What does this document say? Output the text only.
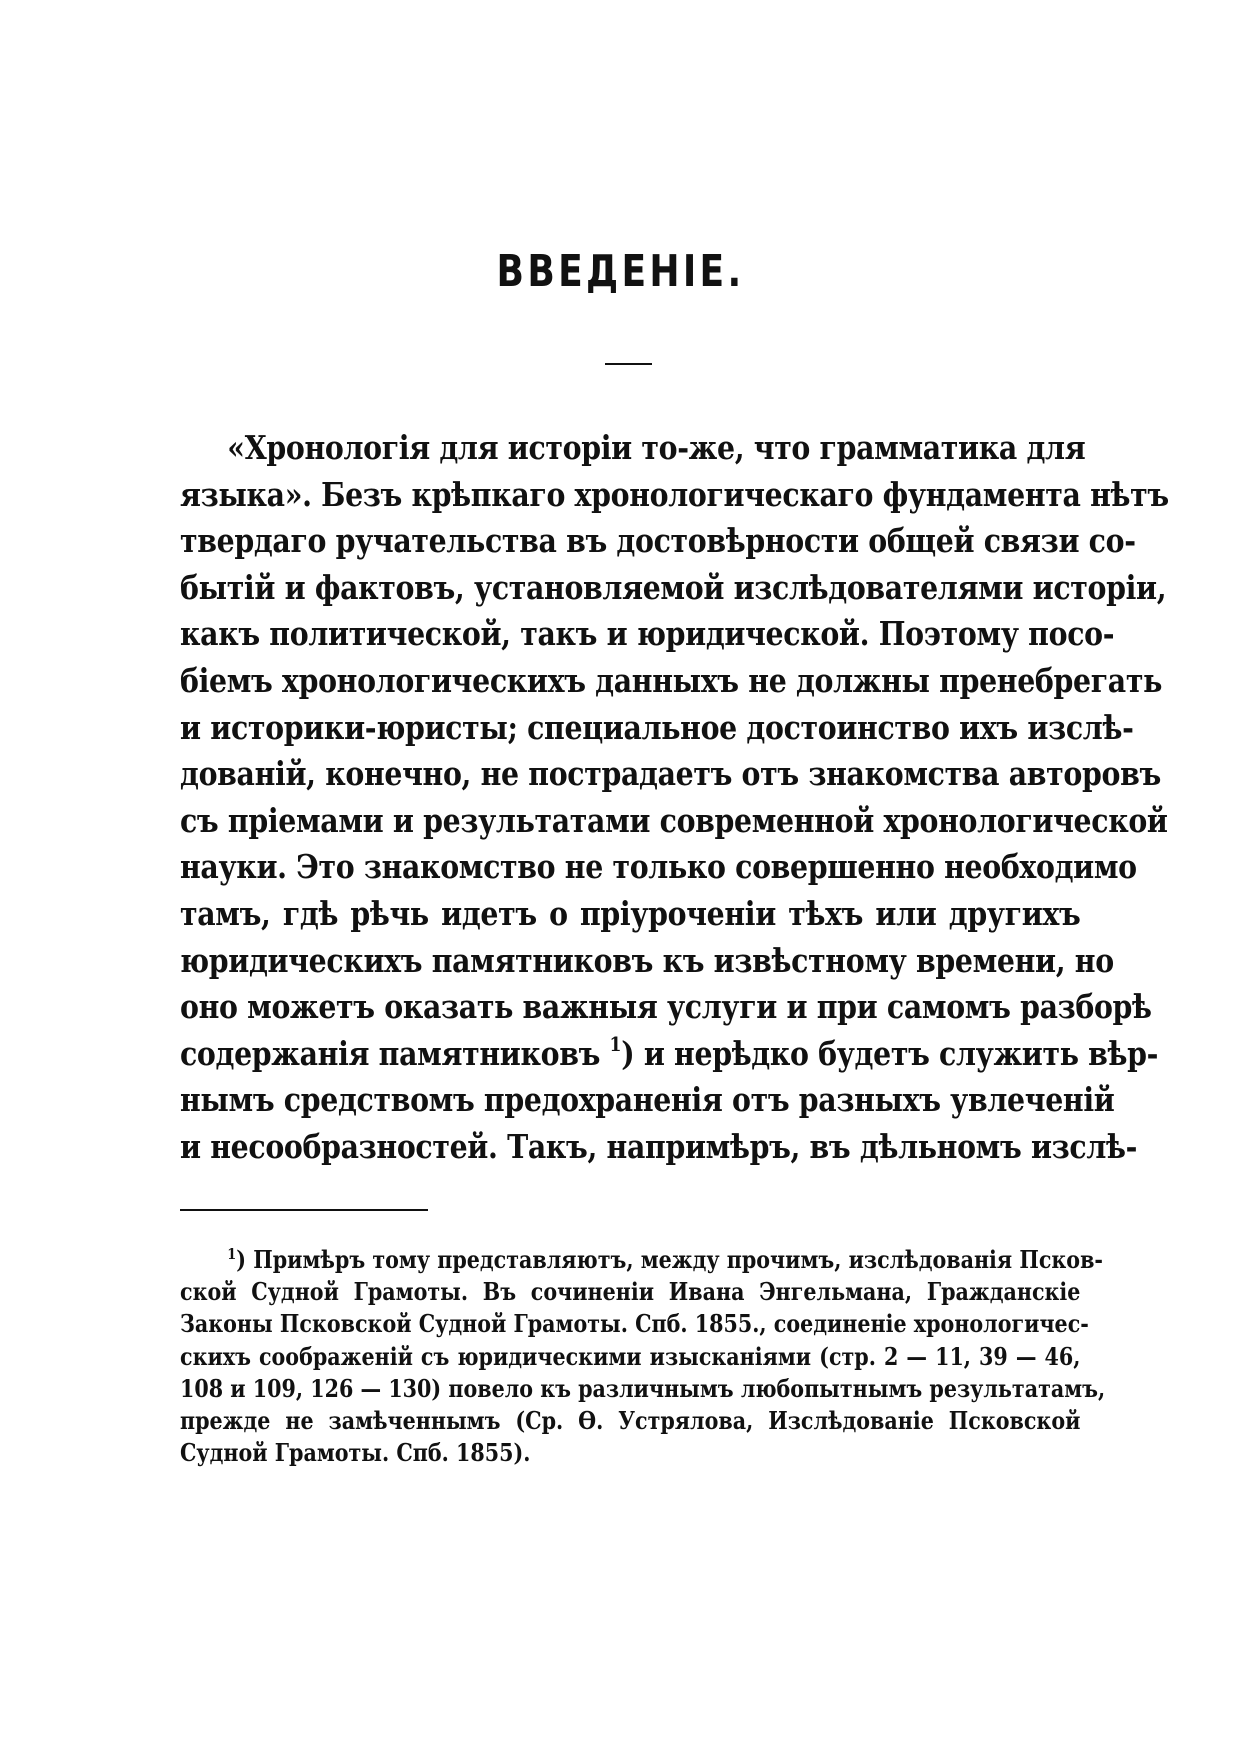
ВВЕДЕНІЕ.
«Хронологія для исторіи то-же, что грамматика для
языка». Безъ крѣпкаго хронологическаго фундамента нѣтъ
твердаго ручательства въ достовѣрности общей связи со-
бытій и фактовъ, установляемой изслѣдователями исторіи,
какъ политической, такъ и юридической. Поэтому посо-
біемъ хронологическихъ данныхъ не должны пренебрегать
и историки-юристы; специальное достоинство ихъ изслѣ-
дованій, конечно, не пострадаетъ отъ знакомства авторовъ
съ пріемами и результатами современной хронологической
науки. Это знакомство не только совершенно необходимо
тамъ, гдѣ рѣчь идетъ о пріуроченіи тѣхъ или другихъ
юридическихъ памятниковъ къ извѣстному времени, но
оно можетъ оказать важныя услуги и при самомъ разборѣ
содержанія памятниковъ $^1$) и нерѣдко будетъ служить вѣр-
нымъ средствомъ предохраненія отъ разныхъ увлеченій
и несообразностей. Такъ, напримѣръ, въ дѣльномъ изслѣ-
$^1$) Примѣръ тому представляютъ, между прочимъ, изслѣдованія Псков-
ской Судной Грамоты. Въ сочиненіи Ивана Энгельмана, Гражданскіе
Законы Псковской Судной Грамоты. Спб. 1855., соединеніе хронологичес-
скихъ соображеній съ юридическими изысканіями (стр. 2 — 11, 39 — 46,
108 и 109, 126 — 130) повело къ различнымъ любопытнымъ результатамъ,
прежде не замѣченнымъ (Ср. Ѳ. Устрялова, Изслѣдованіе Псковской
Судной Грамоты. Спб. 1855).
